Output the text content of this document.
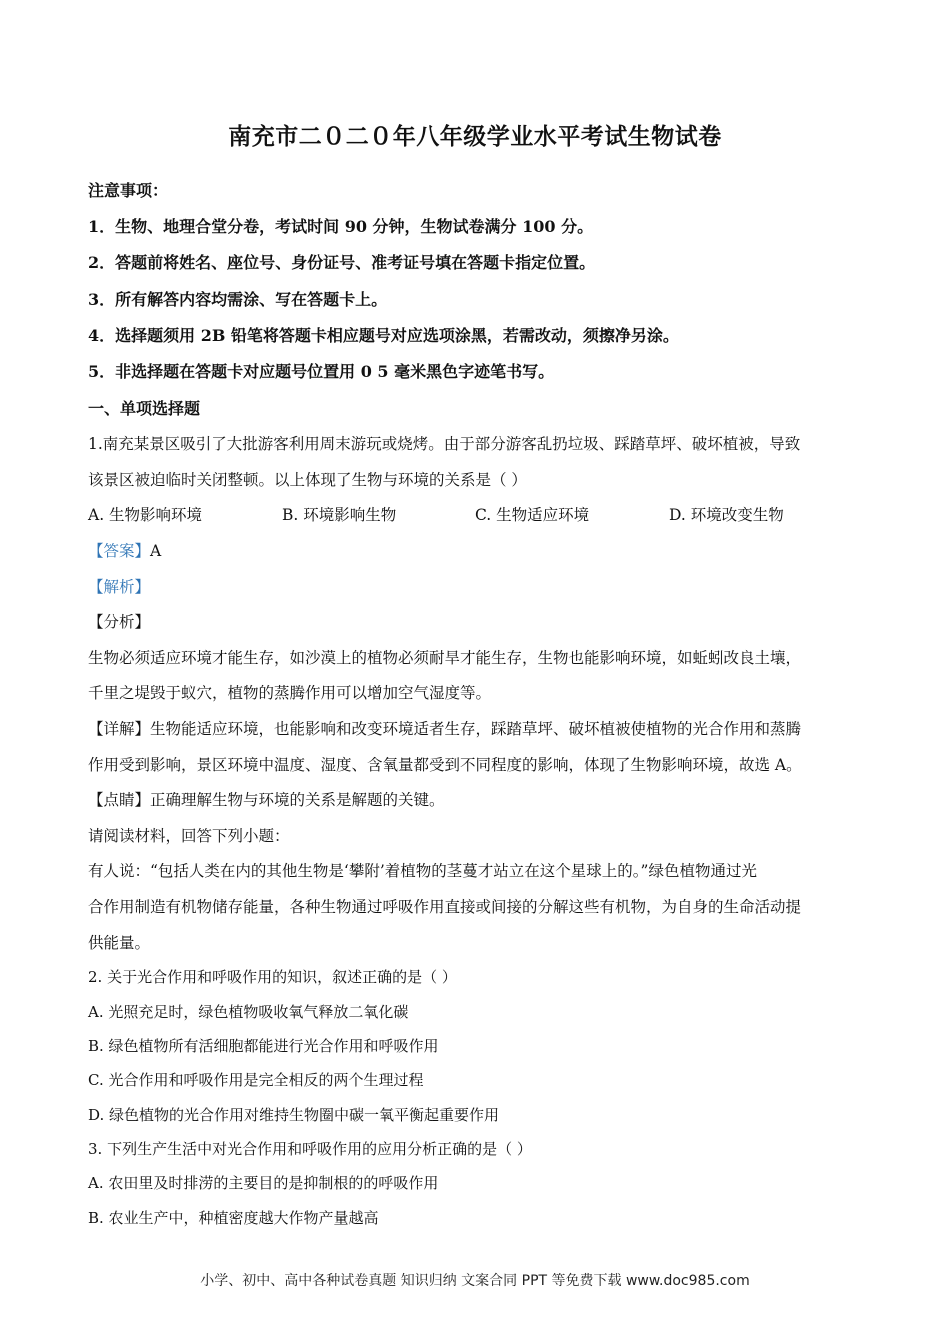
南充市二０二０年八年级学业水平考试生物试卷
注意事项：
1．生物、地理合堂分卷，考试时间 90 分钟，生物试卷满分 100 分。
2．答题前将姓名、座位号、身份证号、准考证号填在答题卡指定位置。
3．所有解答内容均需涂、写在答题卡上。
4．选择题须用 2B 铅笔将答题卡相应题号对应选项涂黑，若需改动，须擦净另涂。
5．非选择题在答题卡对应题号位置用 0 5 毫米黑色字迹笔书写。
一、单项选择题
1.南充某景区吸引了大批游客利用周末游玩或烧烤。由于部分游客乱扔垃圾、踩踏草坪、破坏植被，导致
该景区被迫临时关闭整顿。以上体现了生物与环境的关系是（ ）
A. 生物影响环境	B. 环境影响生物	C. 生物适应环境	D. 环境改变生物
【答案】A
【解析】
【分析】
生物必须适应环境才能生存，如沙漠上的植物必须耐旱才能生存，生物也能影响环境，如蚯蚓改良土壤，
千里之堤毁于蚁穴，植物的蒸腾作用可以增加空气湿度等。
【详解】生物能适应环境，也能影响和改变环境适者生存，踩踏草坪、破坏植被使植物的光合作用和蒸腾
作用受到影响，景区环境中温度、湿度、含氧量都受到不同程度的影响，体现了生物影响环境，故选 A。
【点睛】正确理解生物与环境的关系是解题的关键。
请阅读材料，回答下列小题：
有人说：“包括人类在内的其他生物是‘攀附’着植物的茎蔓才站立在这个星球上的。”绿色植物通过光
合作用制造有机物储存能量，各种生物通过呼吸作用直接或间接的分解这些有机物，为自身的生命活动提
供能量。
2. 关于光合作用和呼吸作用的知识，叙述正确的是（ ）
A. 光照充足时，绿色植物吸收氧气释放二氧化碳
B. 绿色植物所有活细胞都能进行光合作用和呼吸作用
C. 光合作用和呼吸作用是完全相反的两个生理过程
D. 绿色植物的光合作用对维持生物圈中碳一氧平衡起重要作用
3. 下列生产生活中对光合作用和呼吸作用的应用分析正确的是（ ）
A. 农田里及时排涝的主要目的是抑制根的的呼吸作用
B. 农业生产中，种植密度越大作物产量越高
小学、初中、高中各种试卷真题 知识归纳 文案合同 PPT 等免费下载 www.doc985.com
